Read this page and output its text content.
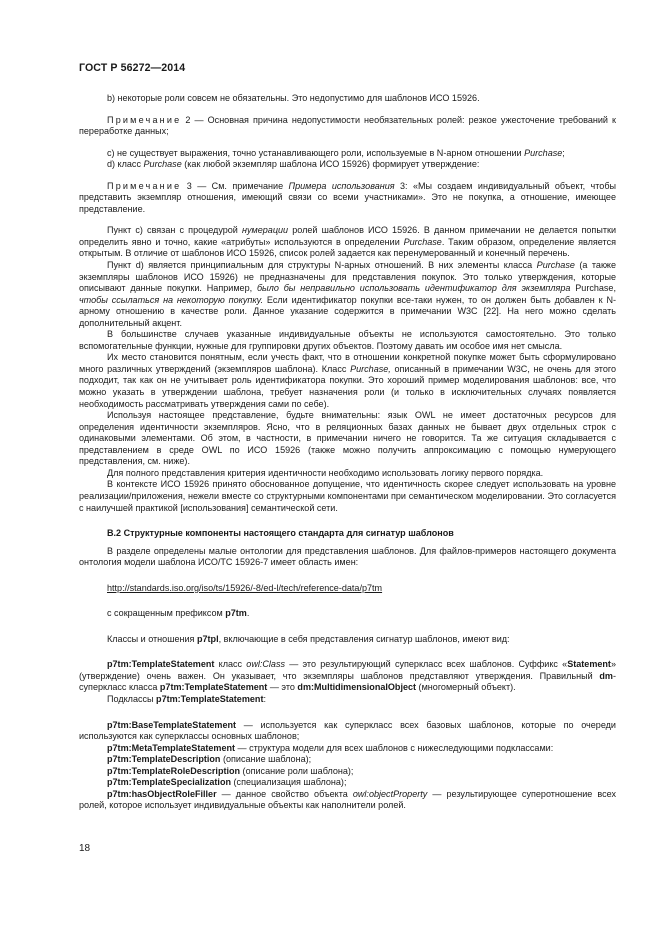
ГОСТ Р 56272—2014

b) некоторые роли совсем не обязательны. Это недопустимо для шаблонов ИСО 15926.

Примечание 2 — Основная причина недопустимости необязательных ролей: резкое ужесточение требований к переработке данных;

c) не существует выражения, точно устанавливающего роли, используемые в N-арном отношении Purchase;

d) класс Purchase (как любой экземпляр шаблона ИСО 15926) формирует утверждение:

Примечание 3 — См. примечание Примера использования 3: «Мы создаем индивидуальный объект, чтобы представить экземпляр отношения, имеющий связи со всеми участниками». Это не покупка, а отношение, имеющее представление.

Пункт c) связан с процедурой нумерации ролей шаблонов ИСО 15926. В данном примечании не делается попытки определить явно и точно, какие «атрибуты» используются в определении Purchase. Таким образом, определение является открытым. В отличие от шаблонов ИСО 15926, список ролей задается как перенумерованный и конечный перечень.

Пункт d) является принципиальным для структуры N-арных отношений. В них элементы класса Purchase (а также экземпляры шаблонов ИСО 15926) не предназначены для представления покупок. Это только утверждения, которые описывают данные покупки. Например, было бы неправильно использовать идентификатор для экземпляра Purchase, чтобы ссылаться на некоторую покупку. Если идентификатор покупки все-таки нужен, то он должен быть добавлен к N-арному отношению в качестве роли. Данное указание содержится в примечании W3C [22]. На него можно сделать дополнительный акцент.

В большинстве случаев указанные индивидуальные объекты не используются самостоятельно. Это только вспомогательные функции, нужные для группировки других объектов. Поэтому давать им особое имя нет смысла.

Их место становится понятным, если учесть факт, что в отношении конкретной покупке может быть сформулировано много различных утверждений (экземпляров шаблона). Класс Purchase, описанный в примечании W3C, не очень для этого подходит, так как он не учитывает роль идентификатора покупки. Это хороший пример моделирования шаблонов: все, что можно указать в утверждении шаблона, требует назначения роли (и только в исключительных случаях появляется необходимость рассматривать утверждения сами по себе).

Используя настоящее представление, будьте внимательны: язык OWL не имеет достаточных ресурсов для определения идентичности экземпляров. Ясно, что в реляционных базах данных не бывает двух отдельных строк с одинаковыми элементами. Об этом, в частности, в примечании ничего не говорится. Та же ситуация складывается с представлением в среде OWL по ИСО 15926 (также можно получить аппроксимацию с помощью нумерующего представления, см. ниже).

Для полного представления критерия идентичности необходимо использовать логику первого порядка.

В контексте ИСО 15926 принято обоснованное допущение, что идентичность скорее следует использовать на уровне реализации/приложения, нежели вместе со структурными компонентами при семантическом моделировании. Это согласуется с наилучшей практикой [использования] семантической сети.

В.2 Структурные компоненты настоящего стандарта для сигнатур шаблонов

В разделе определены малые онтологии для представления шаблонов. Для файлов-примеров настоящего документа онтология модели шаблона ИСО/ТС 15926-7 имеет область имен:

http://standards.iso.org/iso/ts/15926/-8/ed-l/tech/reference-data/p7tm

с сокращенным префиксом p7tm.

Классы и отношения p7tpl, включающие в себя представления сигнатур шаблонов, имеют вид:

p7tm:TemplateStatement класс owl:Class — это результирующий суперкласс всех шаблонов. Суффикс «Statement» (утверждение) очень важен. Он указывает, что экземпляры шаблонов представляют утверждения. Правильный dm-суперкласс класса p7tm:TemplateStatement — это dm:MultidimensionalObject (многомерный объект).

Подклассы p7tm:TemplateStatement:

p7tm:BaseTemplateStatement — используется как суперкласс всех базовых шаблонов, которые по очереди используются как суперклассы основных шаблонов;

p7tm:MetaTemplateStatement — структура модели для всех шаблонов с нижеследующими подклассами:

p7tm:TemplateDescription (описание шаблона);

p7tm:TemplateRoleDescription (описание роли шаблона);

p7tm:TemplateSpecialization (специализация шаблона);

p7tm:hasObjectRoleFiller — данное свойство объекта owl:objectProperty — результирующее суперотношение всех ролей, которое использует индивидуальные объекты как наполнители ролей.

18
